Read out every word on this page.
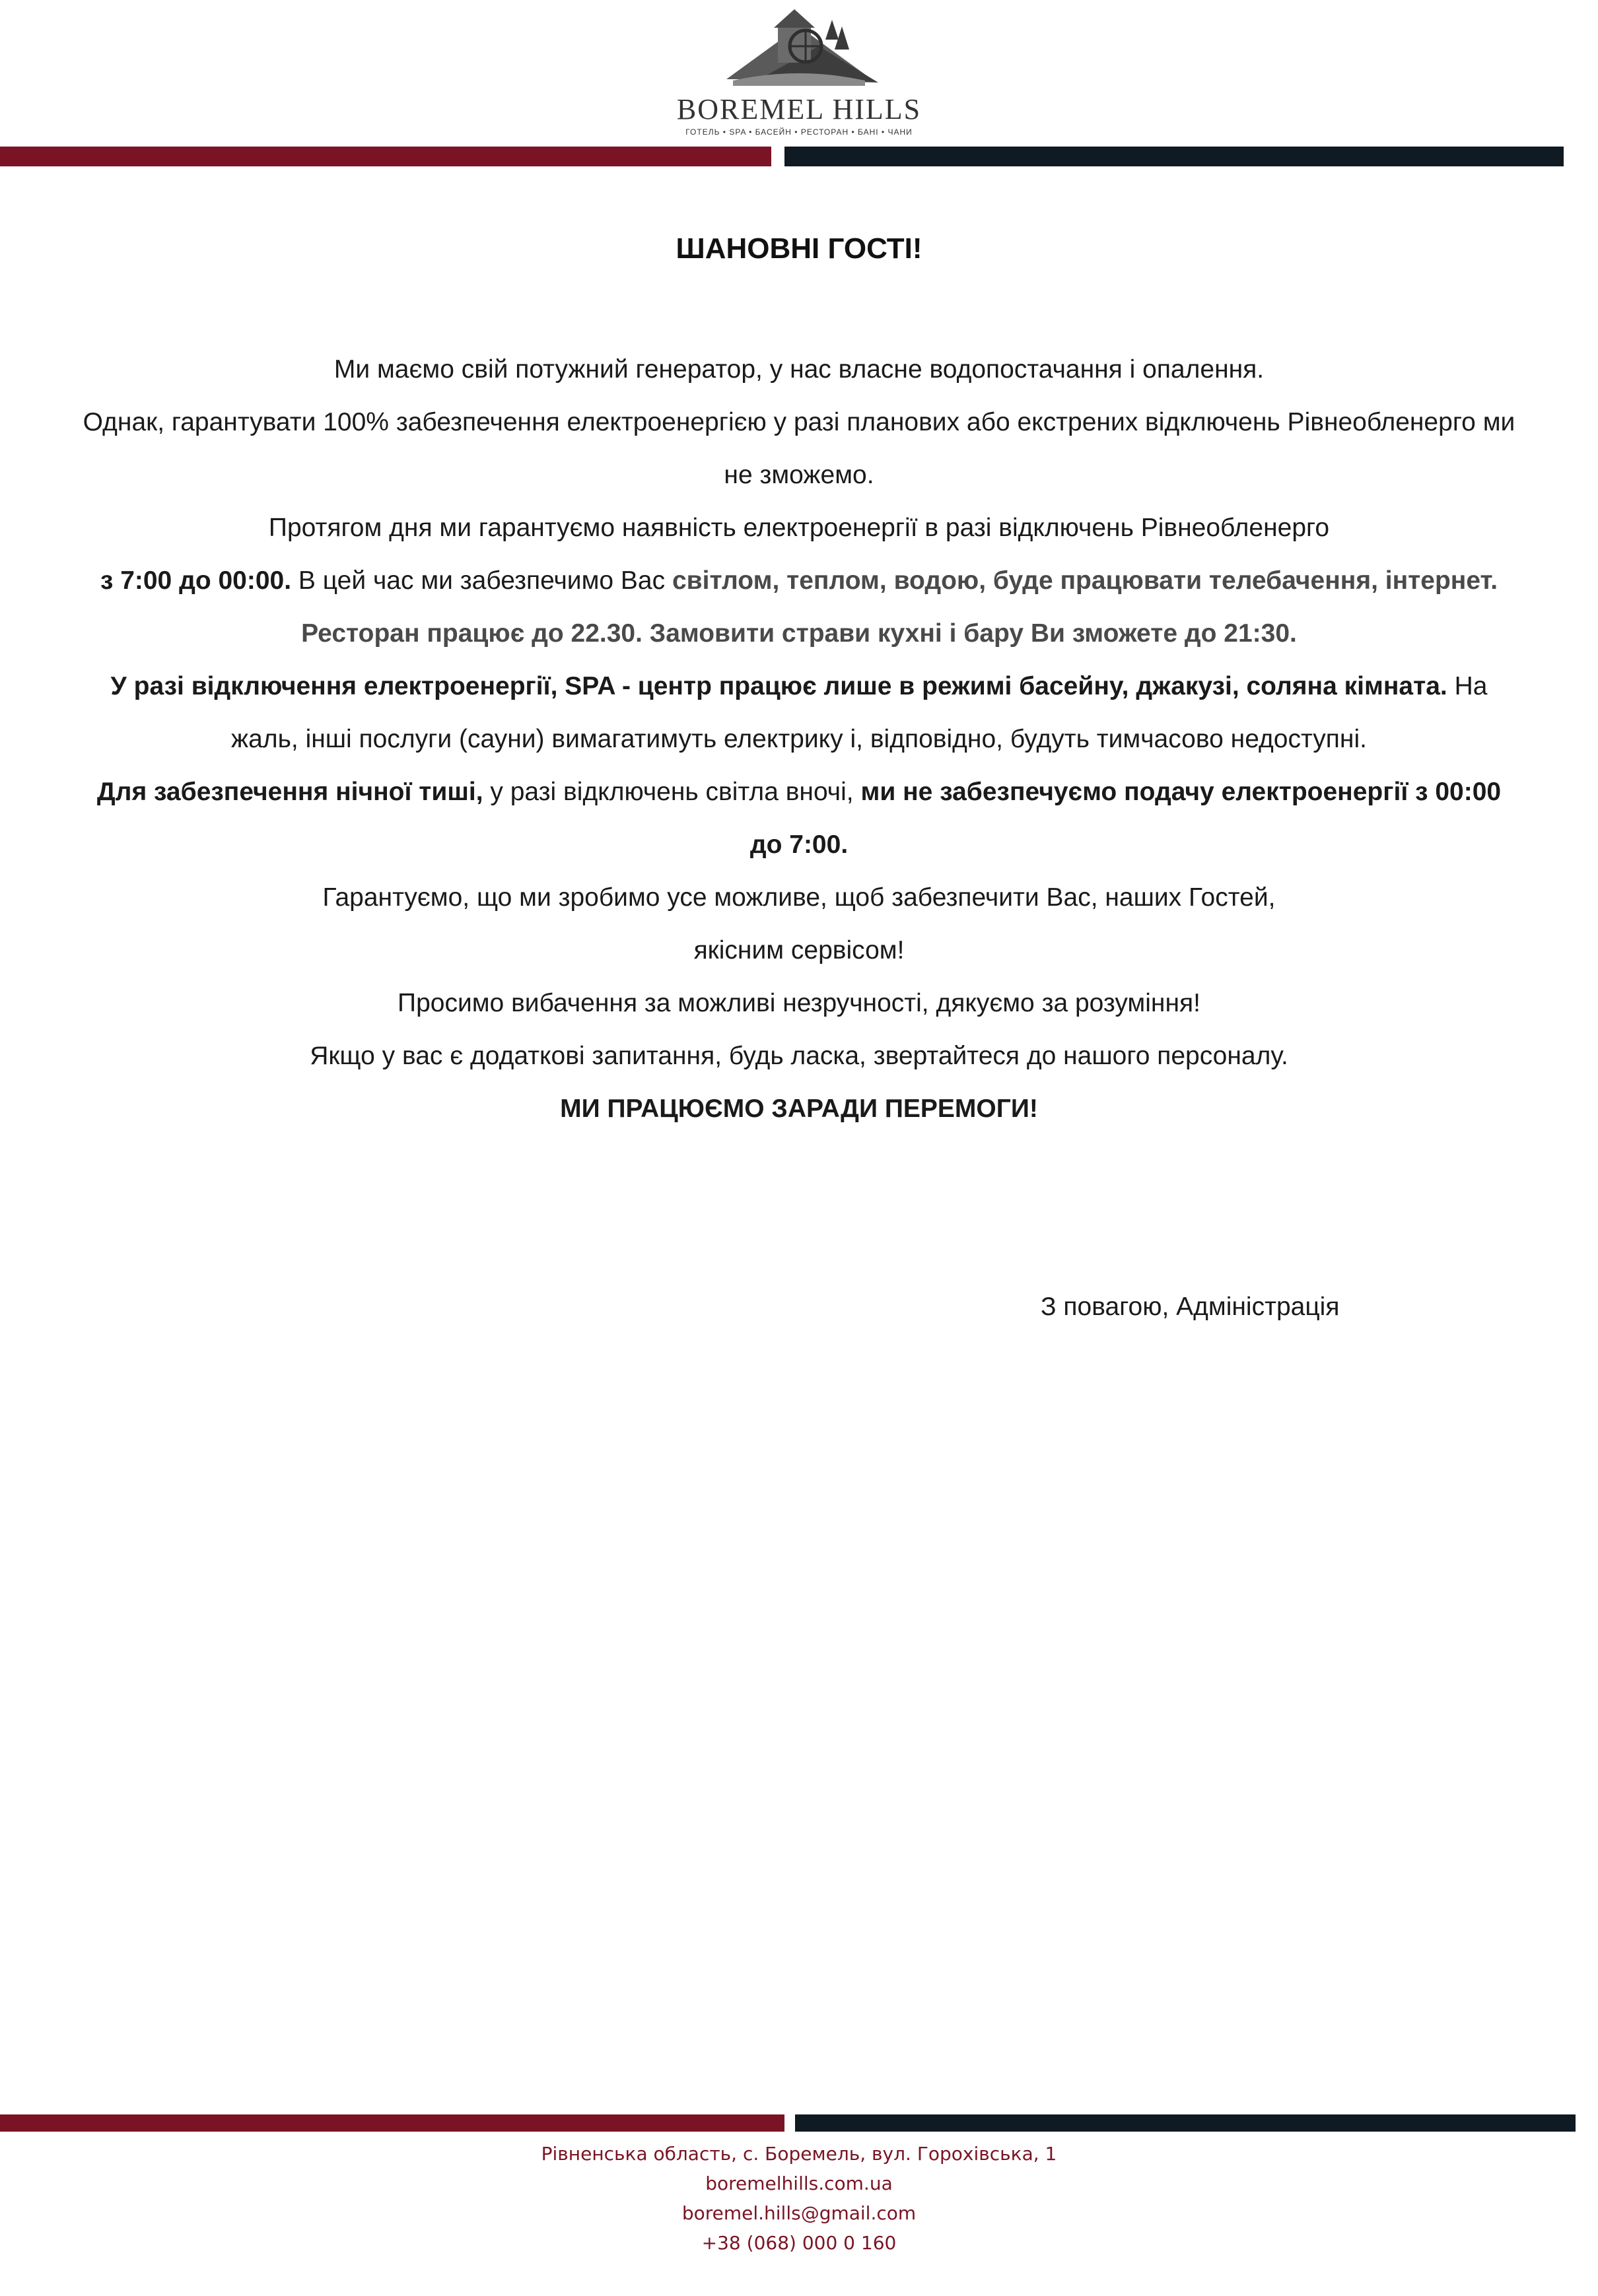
BOREMEL HILLS
ГОТЕЛЬ • SPA • БАСЕЙН • РЕСТОРАН • БАНІ • ЧАНИ
ШАНОВНІ ГОСТІ!

Ми маємо свій потужний генератор, у нас власне водопостачання і опалення.

Однак, гарантувати 100% забезпечення електроенергією у разі планових або екстрених відключень Рівнеобленерго ми не зможемо.

Протягом дня ми гарантуємо наявність електроенергії в разі відключень Рівнеобленерго

з 7:00 до 00:00. В цей час ми забезпечимо Вас світлом, теплом, водою, буде працювати телебачення, інтернет.

Ресторан працює до 22.30. Замовити страви кухні і бару Ви зможете до 21:30.

У разі відключення електроенергії, SPA - центр працює лише в режимі басейну, джакузі, соляна кімната. На жаль, інші послуги (сауни) вимагатимуть електрику і, відповідно, будуть тимчасово недоступні.

Для забезпечення нічної тиші, у разі відключень світла вночі, ми не забезпечуємо подачу електроенергії з 00:00 до 7:00.

Гарантуємо, що ми зробимо усе можливе, щоб забезпечити Вас, наших Гостей,

якісним сервісом!

Просимо вибачення за можливі незручності, дякуємо за розуміння!

Якщо у вас є додаткові запитання, будь ласка, звертайтеся до нашого персоналу.

МИ ПРАЦЮЄМО ЗАРАДИ ПЕРЕМОГИ!

З повагою, Адміністрація
Рівненська область, с. Боремель, вул. Горохівська, 1
boremelhills.com.ua
boremel.hills@gmail.com
+38 (068) 000 0 160
